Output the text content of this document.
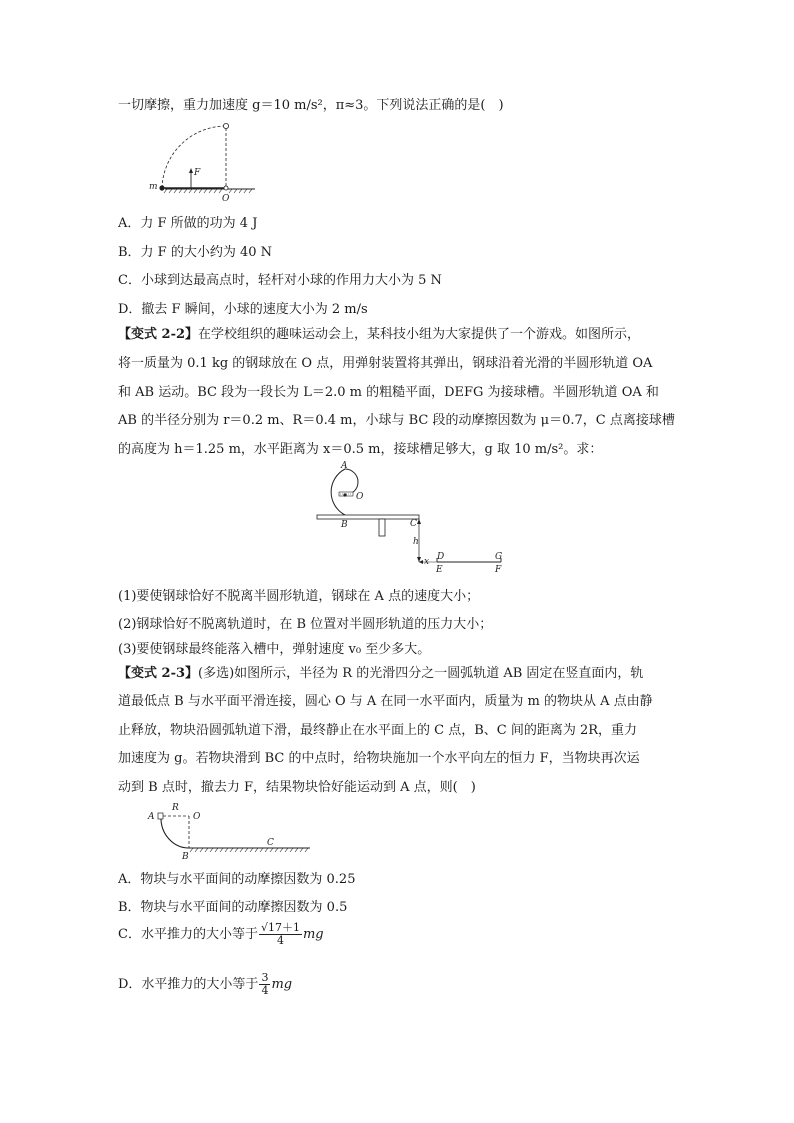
一切摩擦，重力加速度 g＝10 m/s²，π≈3。下列说法正确的是(　)
F
m
O
A．力 F 所做的功为 4 J
B．力 F 的大小约为 40 N
C．小球到达最高点时，轻杆对小球的作用力大小为 5 N
D．撤去 F 瞬间，小球的速度大小为 2 m/s
【变式 2-2】在学校组织的趣味运动会上，某科技小组为大家提供了一个游戏。如图所示，
将一质量为 0.1 kg 的钢球放在 O 点，用弹射装置将其弹出，钢球沿着光滑的半圆形轨道 OA
和 AB 运动。BC 段为一段长为 L＝2.0 m 的粗糙平面，DEFG 为接球槽。半圆形轨道 OA 和
AB 的半径分别为 r＝0.2 m、R＝0.4 m，小球与 BC 段的动摩擦因数为 μ＝0.7，C 点离接球槽
的高度为 h＝1.25 m，水平距离为 x＝0.5 m，接球槽足够大，g 取 10 m/s²。求：
A
O
B	C
h
x D
E
G
F
(1)要使钢球恰好不脱离半圆形轨道，钢球在 A 点的速度大小；
(2)钢球恰好不脱离轨道时，在 B 位置对半圆形轨道的压力大小；
(3)要使钢球最终能落入槽中，弹射速度 v₀ 至少多大。
【变式 2-3】(多选)如图所示，半径为 R 的光滑四分之一圆弧轨道 AB 固定在竖直面内，轨
道最低点 B 与水平面平滑连接，圆心 O 与 A 在同一水平面内，质量为 m 的物块从 A 点由静
止释放，物块沿圆弧轨道下滑，最终静止在水平面上的 C 点，B、C 间的距离为 2R，重力
加速度为 g。若物块滑到 BC 的中点时，给物块施加一个水平向左的恒力 F，当物块再次运
动到 B 点时，撤去力 F，结果物块恰好能运动到 A 点，则(　)
A
R
O
B
C
A．物块与水平面间的动摩擦因数为 0.25
B．物块与水平面间的动摩擦因数为 0.5
C．水平推力的大小等于 $\frac{√17+1}{4}$ mg
D．水平推力的大小等于 $\frac{3}{4}$ mg
